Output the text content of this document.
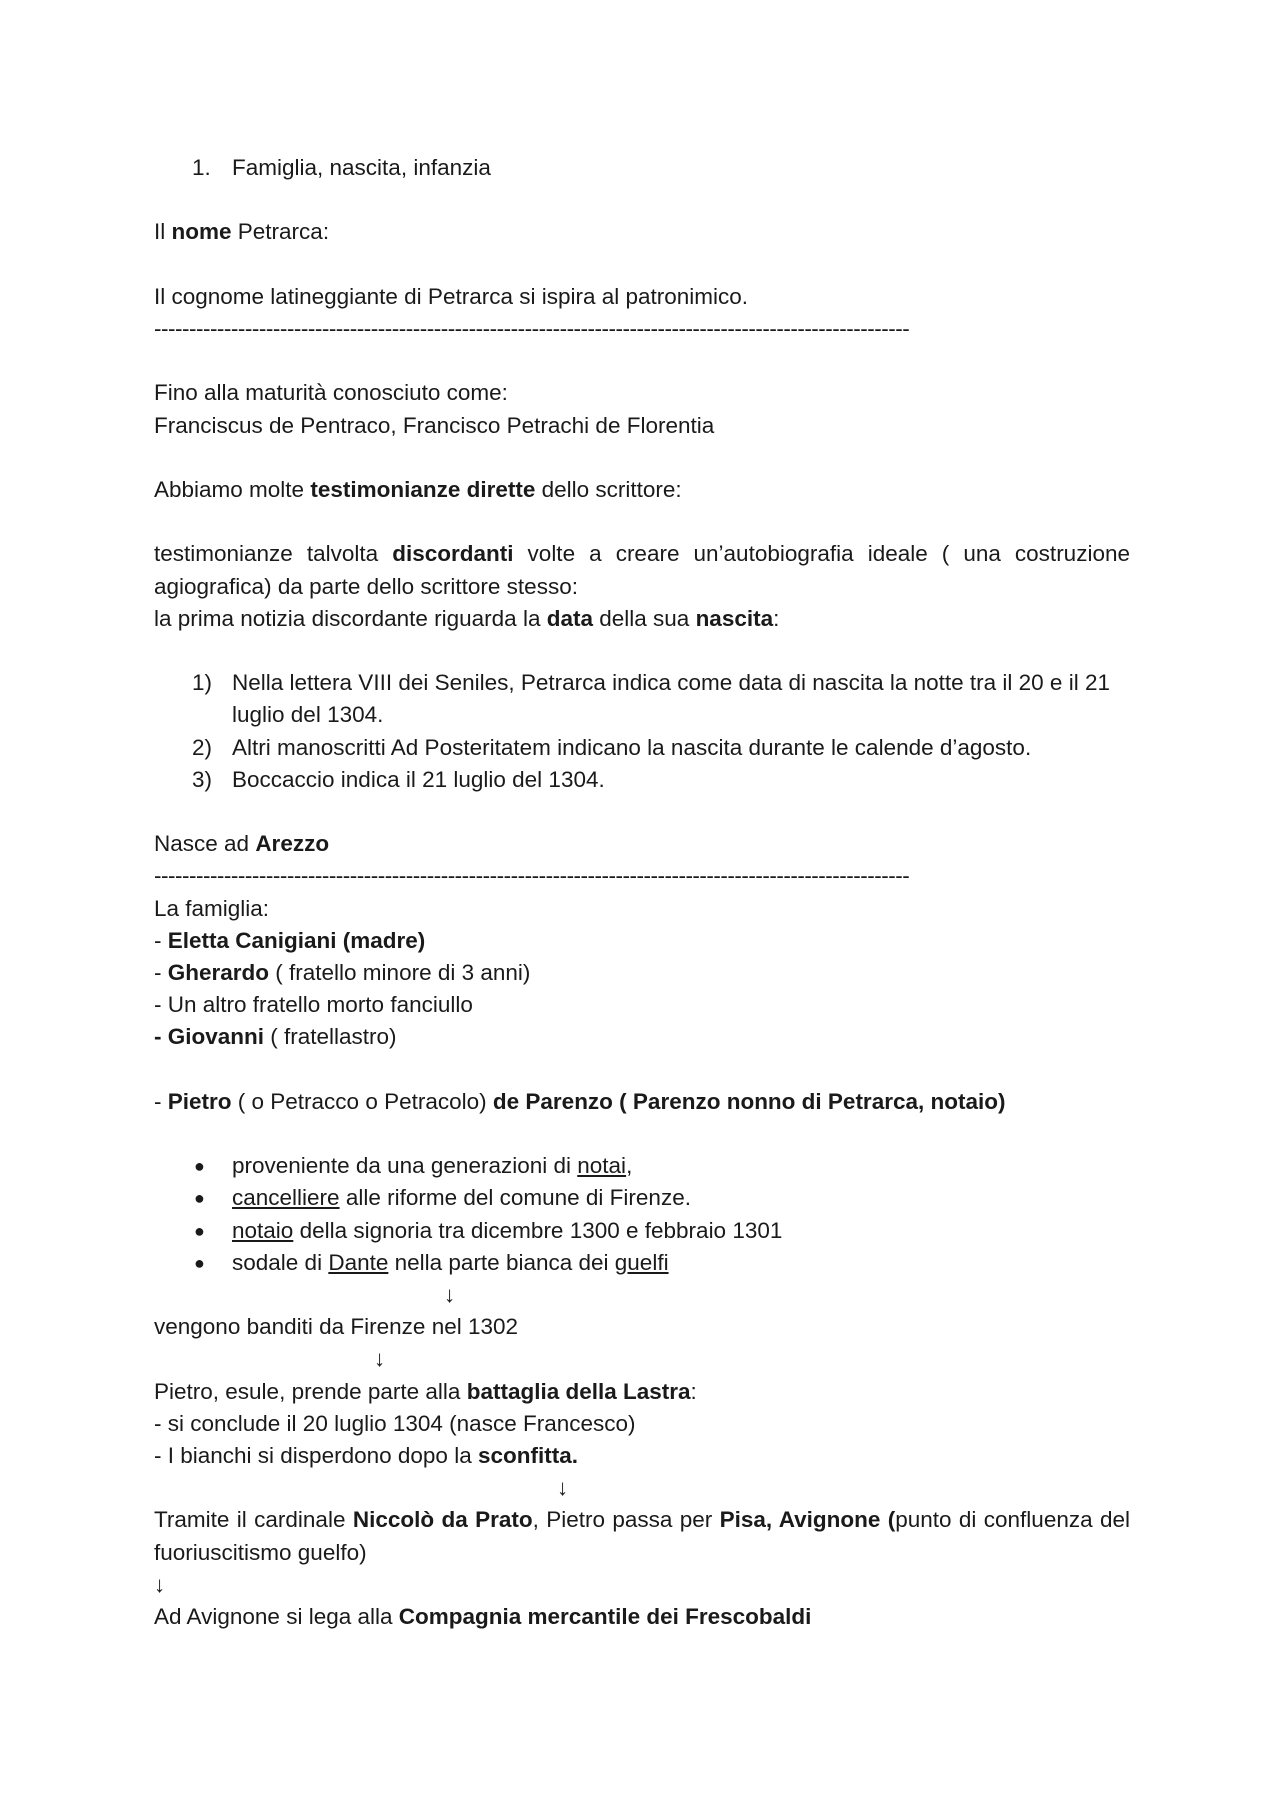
1. Famiglia, nascita, infanzia

Il nome Petrarca:

Il cognome latineggiante di Petrarca si ispira al patronimico.

------------------------------------------------------------------------------------------------------------

Fino alla maturità conosciuto come:

Franciscus de Pentraco, Francisco Petrachi de Florentia

Abbiamo molte testimonianze dirette dello scrittore:

testimonianze talvolta discordanti volte a creare un’autobiografia ideale ( una costruzione agiografica) da parte dello scrittore stesso:

la prima notizia discordante riguarda la data della sua nascita:

1) Nella lettera VIII dei Seniles, Petrarca indica come data di nascita la notte tra il 20 e il 21 luglio del 1304.
2) Altri manoscritti Ad Posteritatem indicano la nascita durante le calende d’agosto.
3) Boccaccio indica il 21 luglio del 1304.

Nasce ad Arezzo

------------------------------------------------------------------------------------------------------------

La famiglia:

- Eletta Canigiani (madre)

- Gherardo ( fratello minore di 3 anni)

- Un altro fratello morto fanciullo

- Giovanni ( fratellastro)

- Pietro ( o Petracco o Petracolo) de Parenzo ( Parenzo nonno di Petrarca, notaio)

● proveniente da una generazioni di notai,
● cancelliere alle riforme del comune di Firenze.
● notaio della signoria tra dicembre 1300 e febbraio 1301
● sodale di Dante nella parte bianca dei guelfi

↓

vengono banditi da Firenze nel 1302

↓

Pietro, esule, prende parte alla battaglia della Lastra:

- si conclude il 20 luglio 1304 (nasce Francesco)

- I bianchi si disperdono dopo la sconfitta.

↓

Tramite il cardinale Niccolò da Prato, Pietro passa per Pisa, Avignone (punto di confluenza del fuoriuscitismo guelfo)

↓

Ad Avignone si lega alla Compagnia mercantile dei Frescobaldi
